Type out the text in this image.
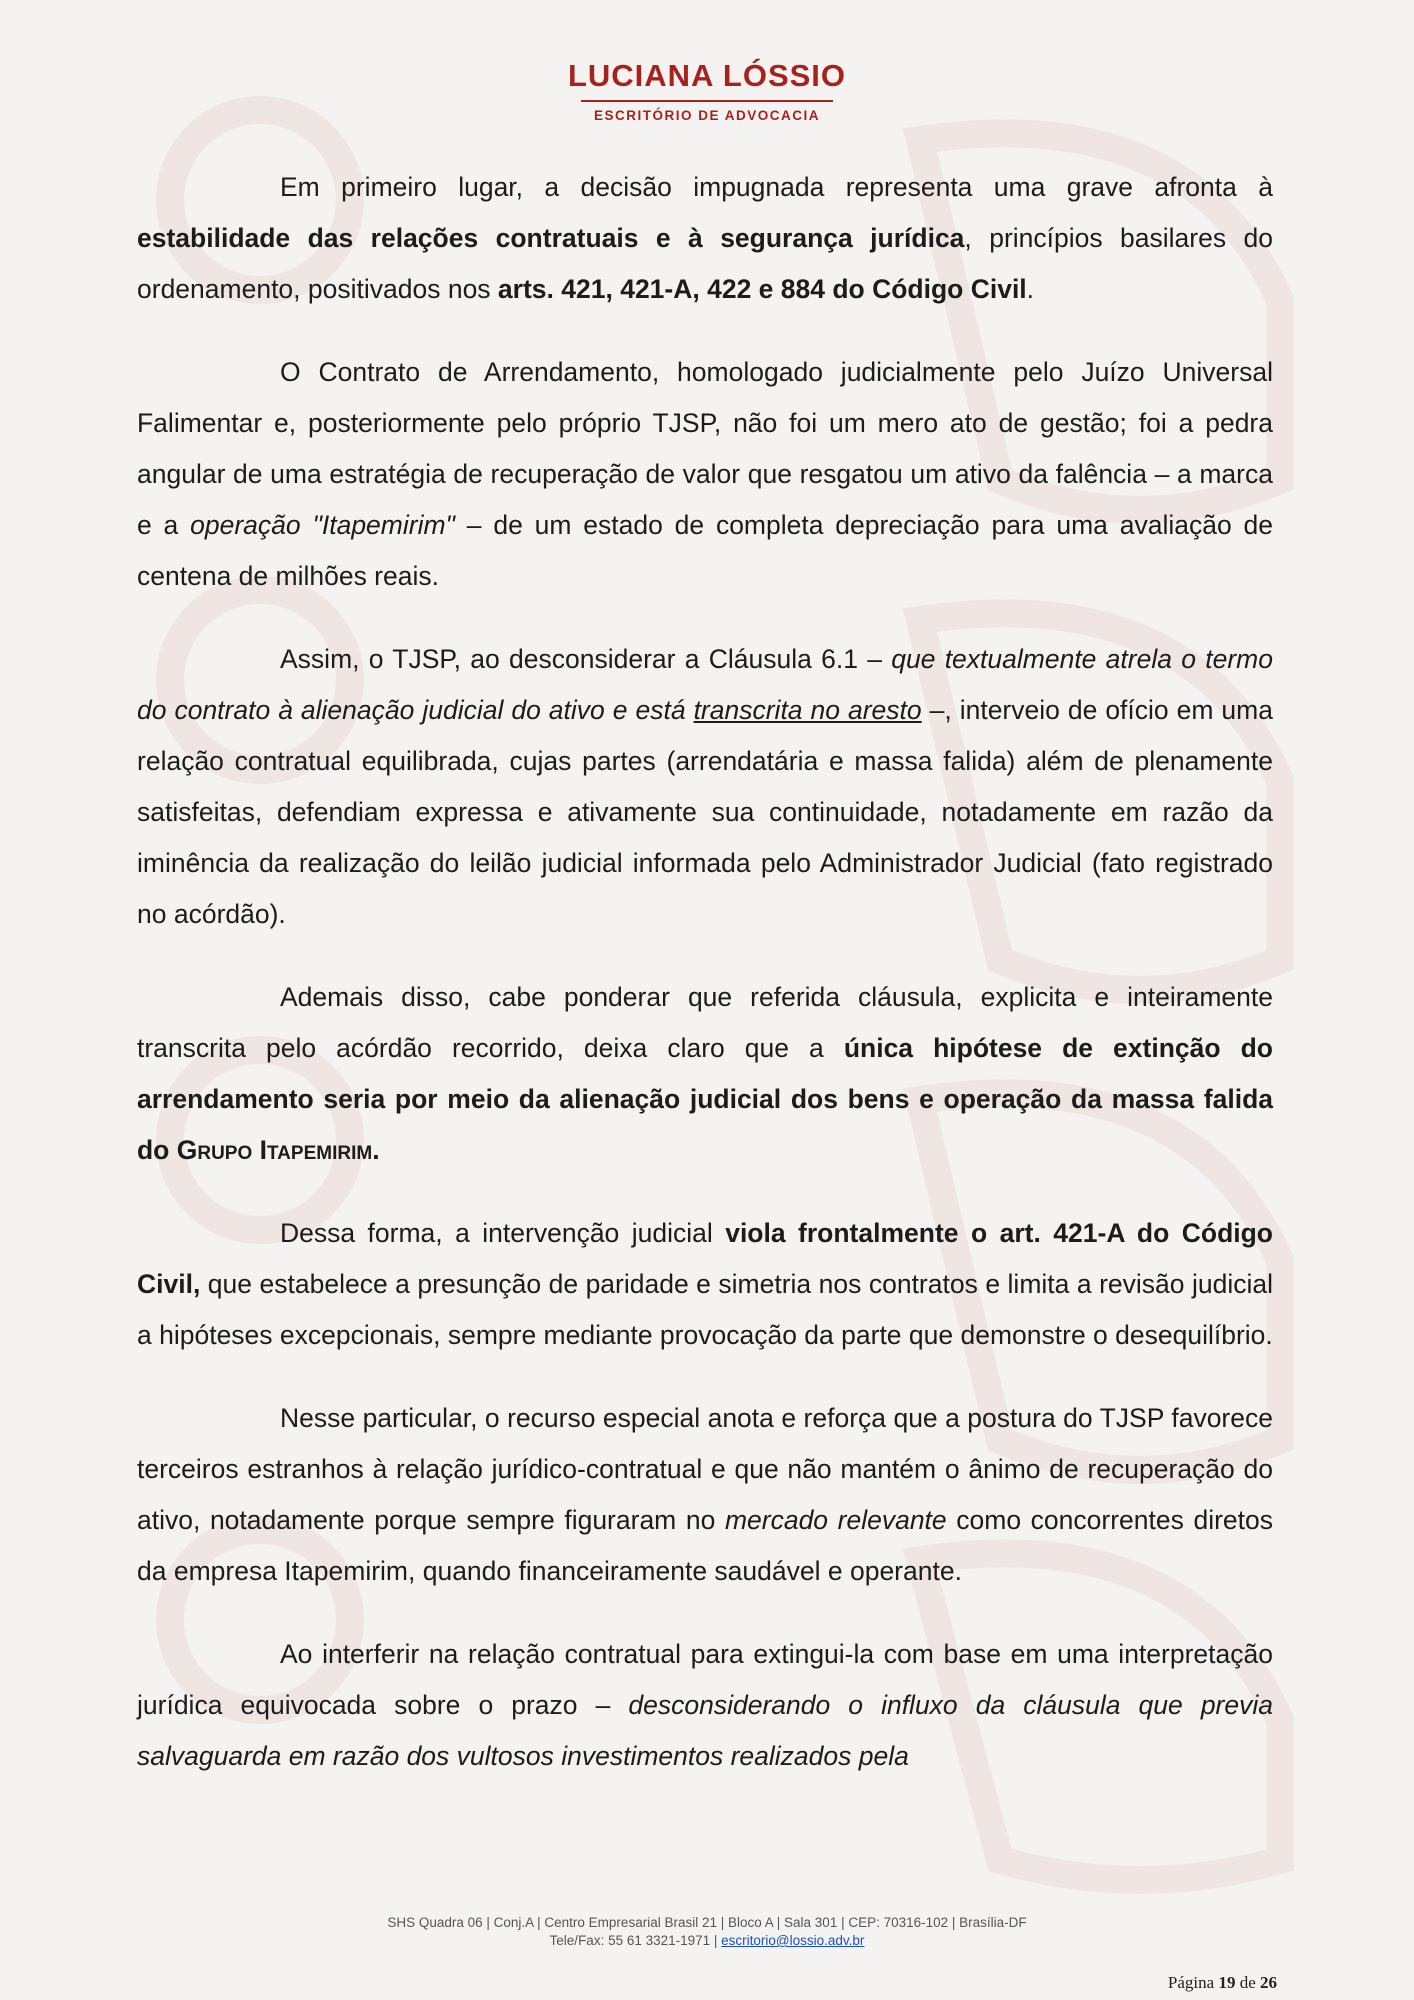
LUCIANA LÓSSIO
ESCRITÓRIO DE ADVOCACIA

Em primeiro lugar, a decisão impugnada representa uma grave afronta à estabilidade das relações contratuais e à segurança jurídica, princípios basilares do ordenamento, positivados nos arts. 421, 421-A, 422 e 884 do Código Civil.

O Contrato de Arrendamento, homologado judicialmente pelo Juízo Universal Falimentar e, posteriormente pelo próprio TJSP, não foi um mero ato de gestão; foi a pedra angular de uma estratégia de recuperação de valor que resgatou um ativo da falência – a marca e a operação "Itapemirim" – de um estado de completa depreciação para uma avaliação de centena de milhões reais.

Assim, o TJSP, ao desconsiderar a Cláusula 6.1 – que textualmente atrela o termo do contrato à alienação judicial do ativo e está transcrita no aresto –, interveio de ofício em uma relação contratual equilibrada, cujas partes (arrendatária e massa falida) além de plenamente satisfeitas, defendiam expressa e ativamente sua continuidade, notadamente em razão da iminência da realização do leilão judicial informada pelo Administrador Judicial (fato registrado no acórdão).

Ademais disso, cabe ponderar que referida cláusula, explicita e inteiramente transcrita pelo acórdão recorrido, deixa claro que a única hipótese de extinção do arrendamento seria por meio da alienação judicial dos bens e operação da massa falida do Grupo Itapemirim.

Dessa forma, a intervenção judicial viola frontalmente o art. 421-A do Código Civil, que estabelece a presunção de paridade e simetria nos contratos e limita a revisão judicial a hipóteses excepcionais, sempre mediante provocação da parte que demonstre o desequilíbrio.

Nesse particular, o recurso especial anota e reforça que a postura do TJSP favorece terceiros estranhos à relação jurídico-contratual e que não mantém o ânimo de recuperação do ativo, notadamente porque sempre figuraram no mercado relevante como concorrentes diretos da empresa Itapemirim, quando financeiramente saudável e operante.

Ao interferir na relação contratual para extingui-la com base em uma interpretação jurídica equivocada sobre o prazo – desconsiderando o influxo da cláusula que previa salvaguarda em razão dos vultosos investimentos realizados pela

SHS Quadra 06 | Conj.A | Centro Empresarial Brasil 21 | Bloco A | Sala 301 | CEP: 70316-102 | Brasília-DF
Tele/Fax: 55 61 3321-1971 | escritorio@lossio.adv.br
Página 19 de 26
